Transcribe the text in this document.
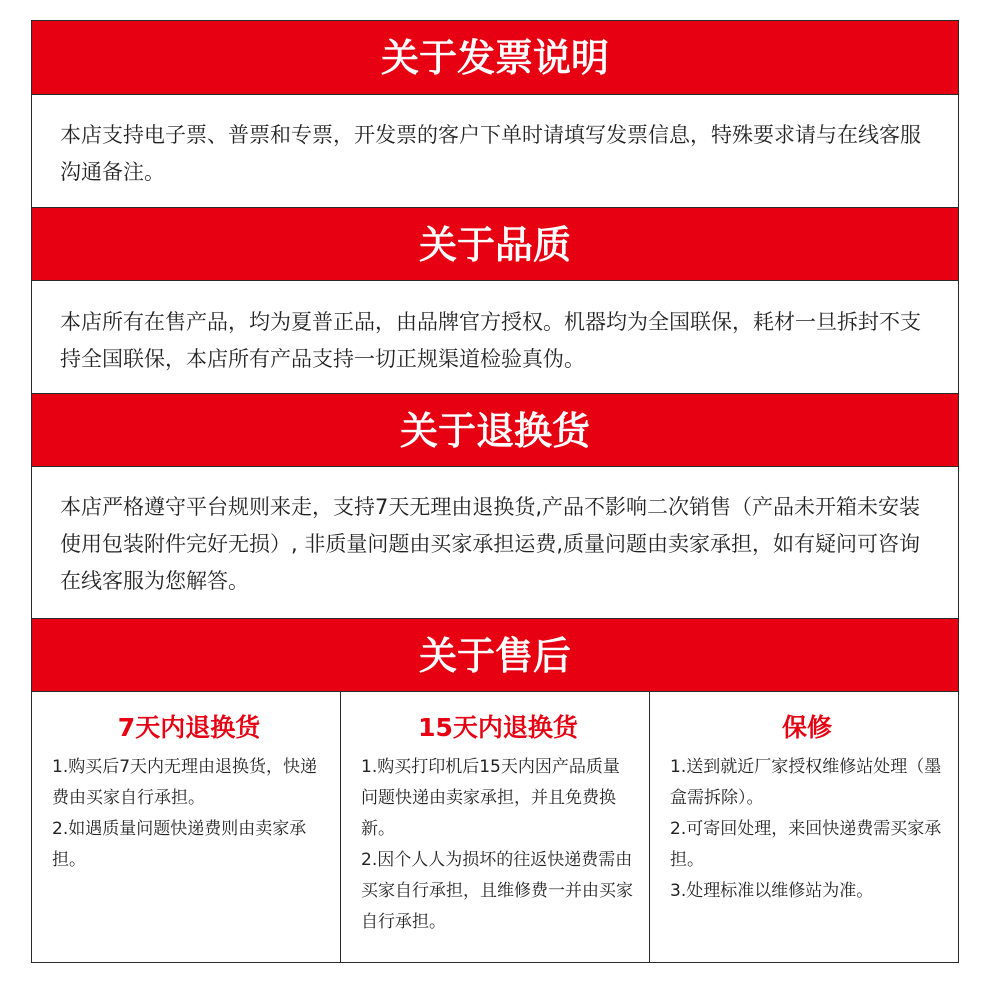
关于发票说明
本店支持电子票、普票和专票，开发票的客户下单时请填写发票信息，特殊要求请与在线客服沟通备注。
关于品质
本店所有在售产品，均为夏普正品，由品牌官方授权。机器均为全国联保，耗材一旦拆封不支持全国联保，本店所有产品支持一切正规渠道检验真伪。
关于退换货
本店严格遵守平台规则来走，支持7天无理由退换货,产品不影响二次销售（产品未开箱未安装使用包装附件完好无损）, 非质量问题由买家承担运费,质量问题由卖家承担，如有疑问可咨询在线客服为您解答。
关于售后
7天内退换货

1.购买后7天内无理由退换货，快递费由买家自行承担。

2.如遇质量问题快递费则由卖家承担。

15天内退换货

1.购买打印机后15天内因产品质量问题快递由卖家承担，并且免费换新。

2.因个人人为损坏的往返快递费需由买家自行承担，且维修费一并由买家自行承担。

保修

1.送到就近厂家授权维修站处理（墨盒需拆除）。

2.可寄回处理，来回快递费需买家承担。

3.处理标准以维修站为准。
